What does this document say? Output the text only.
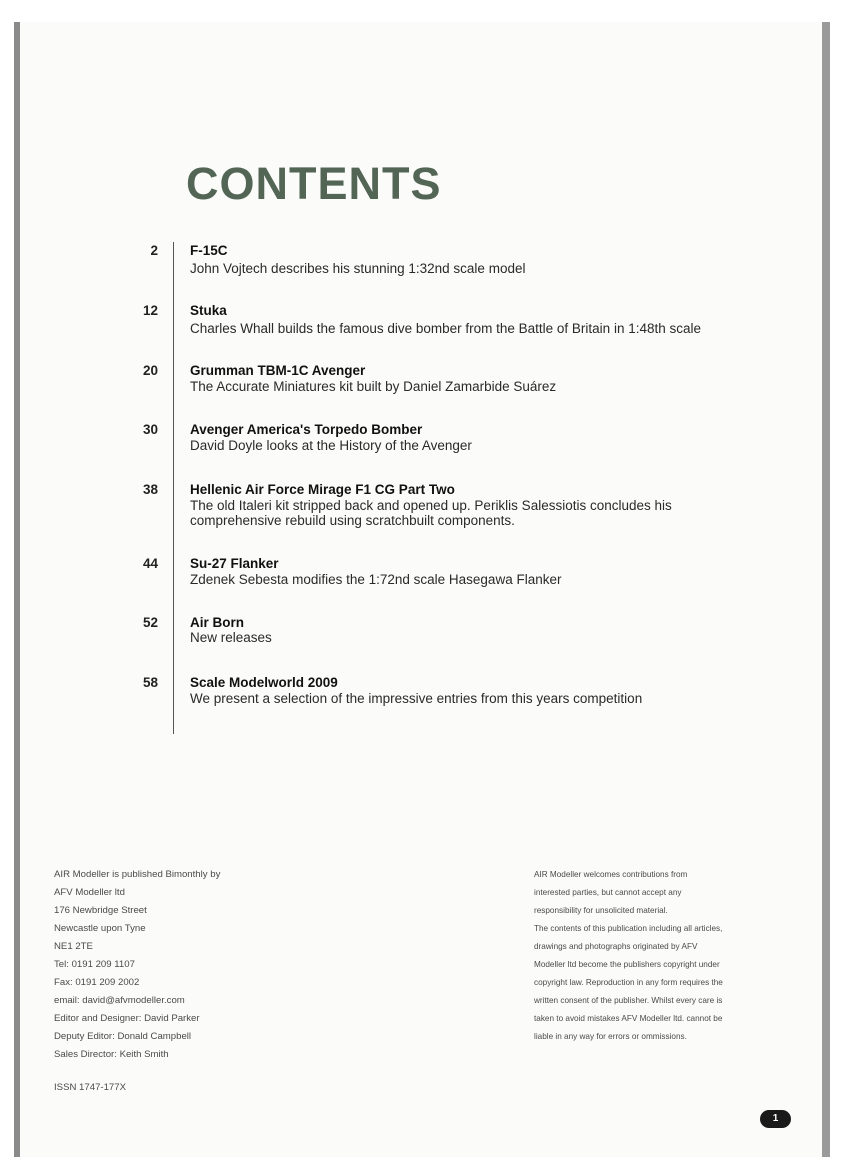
CONTENTS
2 F-15C
John Vojtech describes his stunning 1:32nd scale model
12 Stuka
Charles Whall builds the famous dive bomber from the Battle of Britain in 1:48th scale
20 Grumman TBM-1C Avenger
The Accurate Miniatures kit built by Daniel Zamarbide Suárez
30 Avenger America's Torpedo Bomber
David Doyle looks at the History of the Avenger
38 Hellenic Air Force Mirage F1 CG Part Two
The old Italeri kit stripped back and opened up. Periklis Salessiotis concludes his
comprehensive rebuild using scratchbuilt components.
44 Su-27 Flanker
Zdenek Sebesta modifies the 1:72nd scale Hasegawa Flanker
52 Air Born
New releases
58 Scale Modelworld 2009
We present a selection of the impressive entries from this years competition
AIR Modeller is published Bimonthly by
AFV Modeller ltd
176 Newbridge Street
Newcastle upon Tyne
NE1 2TE
Tel: 0191 209 1107
Fax: 0191 209 2002
email: david@afvmodeller.com
Editor and Designer: David Parker
Deputy Editor: Donald Campbell
Sales Director: Keith Smith
ISSN 1747-177X
AIR Modeller welcomes contributions from
interested parties, but cannot accept any
responsibility for unsolicited material.
The contents of this publication including all articles,
drawings and photographs originated by AFV
Modeller ltd become the publishers copyright under
copyright law. Reproduction in any form requires the
written consent of the publisher. Whilst every care is
taken to avoid mistakes AFV Modeller ltd. cannot be
liable in any way for errors or ommissions.
1
